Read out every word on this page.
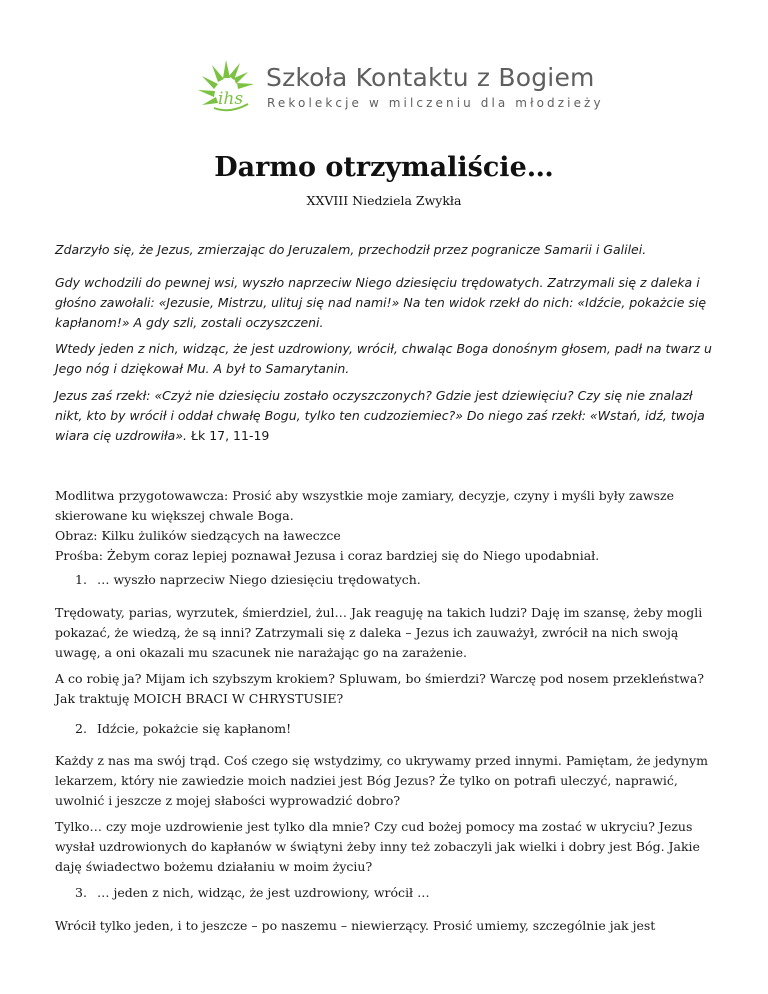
ihs
Szkoła Kontaktu z Bogiem
Rekolekcje w milczeniu dla młodzieży
Darmo otrzymaliście…
XXVIII Niedziela Zwykła

Zdarzyło się, że Jezus, zmierzając do Jeruzalem, przechodził przez pogranicze Samarii i Galilei.

Gdy wchodzili do pewnej wsi, wyszło naprzeciw Niego dziesięciu trędowatych. Zatrzymali się z daleka i głośno zawołali: «Jezusie, Mistrzu, ulituj się nad nami!» Na ten widok rzekł do nich: «Idźcie, pokażcie się kapłanom!» A gdy szli, zostali oczyszczeni.

Wtedy jeden z nich, widząc, że jest uzdrowiony, wrócił, chwaląc Boga donośnym głosem, padł na twarz u Jego nóg i dziękował Mu. A był to Samarytanin.

Jezus zaś rzekł: «Czyż nie dziesięciu zostało oczyszczonych? Gdzie jest dziewięciu? Czy się nie znalazł nikt, kto by wrócił i oddał chwałę Bogu, tylko ten cudzoziemiec?» Do niego zaś rzekł: «Wstań, idź, twoja wiara cię uzdrowiła». Łk 17, 11-19

Modlitwa przygotowawcza: Prosić aby wszystkie moje zamiary, decyzje, czyny i myśli były zawsze skierowane ku większej chwale Boga.
Obraz: Kilku żulików siedzących na ławeczce
Prośba: Żebym coraz lepiej poznawał Jezusa i coraz bardziej się do Niego upodabniał.

1. … wyszło naprzeciw Niego dziesięciu trędowatych.

Trędowaty, parias, wyrzutek, śmierdziel, żul… Jak reaguję na takich ludzi? Daję im szansę, żeby mogli pokazać, że wiedzą, że są inni? Zatrzymali się z daleka – Jezus ich zauważył, zwrócił na nich swoją uwagę, a oni okazali mu szacunek nie narażając go na zarażenie.

A co robię ja? Mijam ich szybszym krokiem? Spluwam, bo śmierdzi? Warczę pod nosem przekleństwa? Jak traktuję MOICH BRACI W CHRYSTUSIE?

2. Idźcie, pokażcie się kapłanom!

Każdy z nas ma swój trąd. Coś czego się wstydzimy, co ukrywamy przed innymi. Pamiętam, że jedynym lekarzem, który nie zawiedzie moich nadziei jest Bóg Jezus? Że tylko on potrafi uleczyć, naprawić, uwolnić i jeszcze z mojej słabości wyprowadzić dobro?

Tylko… czy moje uzdrowienie jest tylko dla mnie? Czy cud bożej pomocy ma zostać w ukryciu? Jezus wysłał uzdrowionych do kapłanów w świątyni żeby inny też zobaczyli jak wielki i dobry jest Bóg. Jakie daję świadectwo bożemu działaniu w moim życiu?

3. … jeden z nich, widząc, że jest uzdrowiony, wrócił …

Wrócił tylko jeden, i to jeszcze – po naszemu – niewierzący. Prosić umiemy, szczególnie jak jest
